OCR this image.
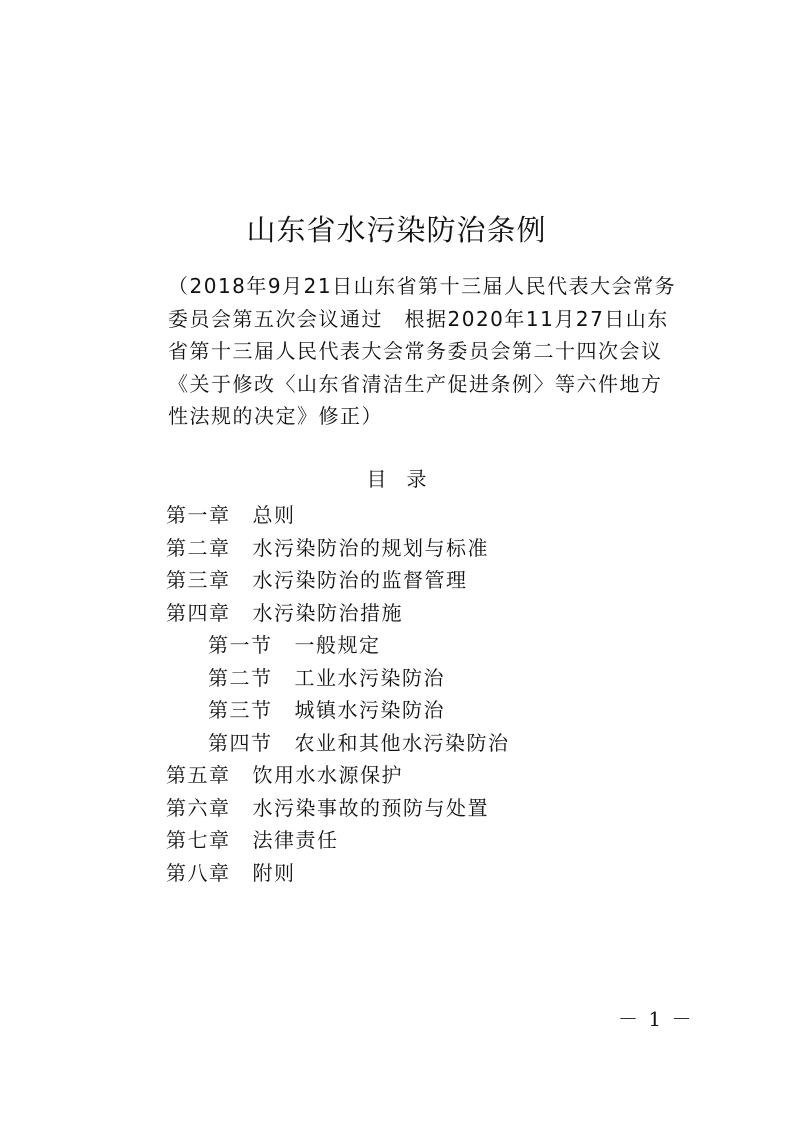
山东省水污染防治条例
（2018年9月21日山东省第十三届人民代表大会常务
委员会第五次会议通过　根据2020年11月27日山东
省第十三届人民代表大会常务委员会第二十四次会议
《关于修改〈山东省清洁生产促进条例〉等六件地方
性法规的决定》修正）
目录
第一章 总则
第二章 水污染防治的规划与标准
第三章 水污染防治的监督管理
第四章 水污染防治措施
第一节 一般规定
第二节 工业水污染防治
第三节 城镇水污染防治
第四节 农业和其他水污染防治
第五章 饮用水水源保护
第六章 水污染事故的预防与处置
第七章 法律责任
第八章 附则
－ 1 －
